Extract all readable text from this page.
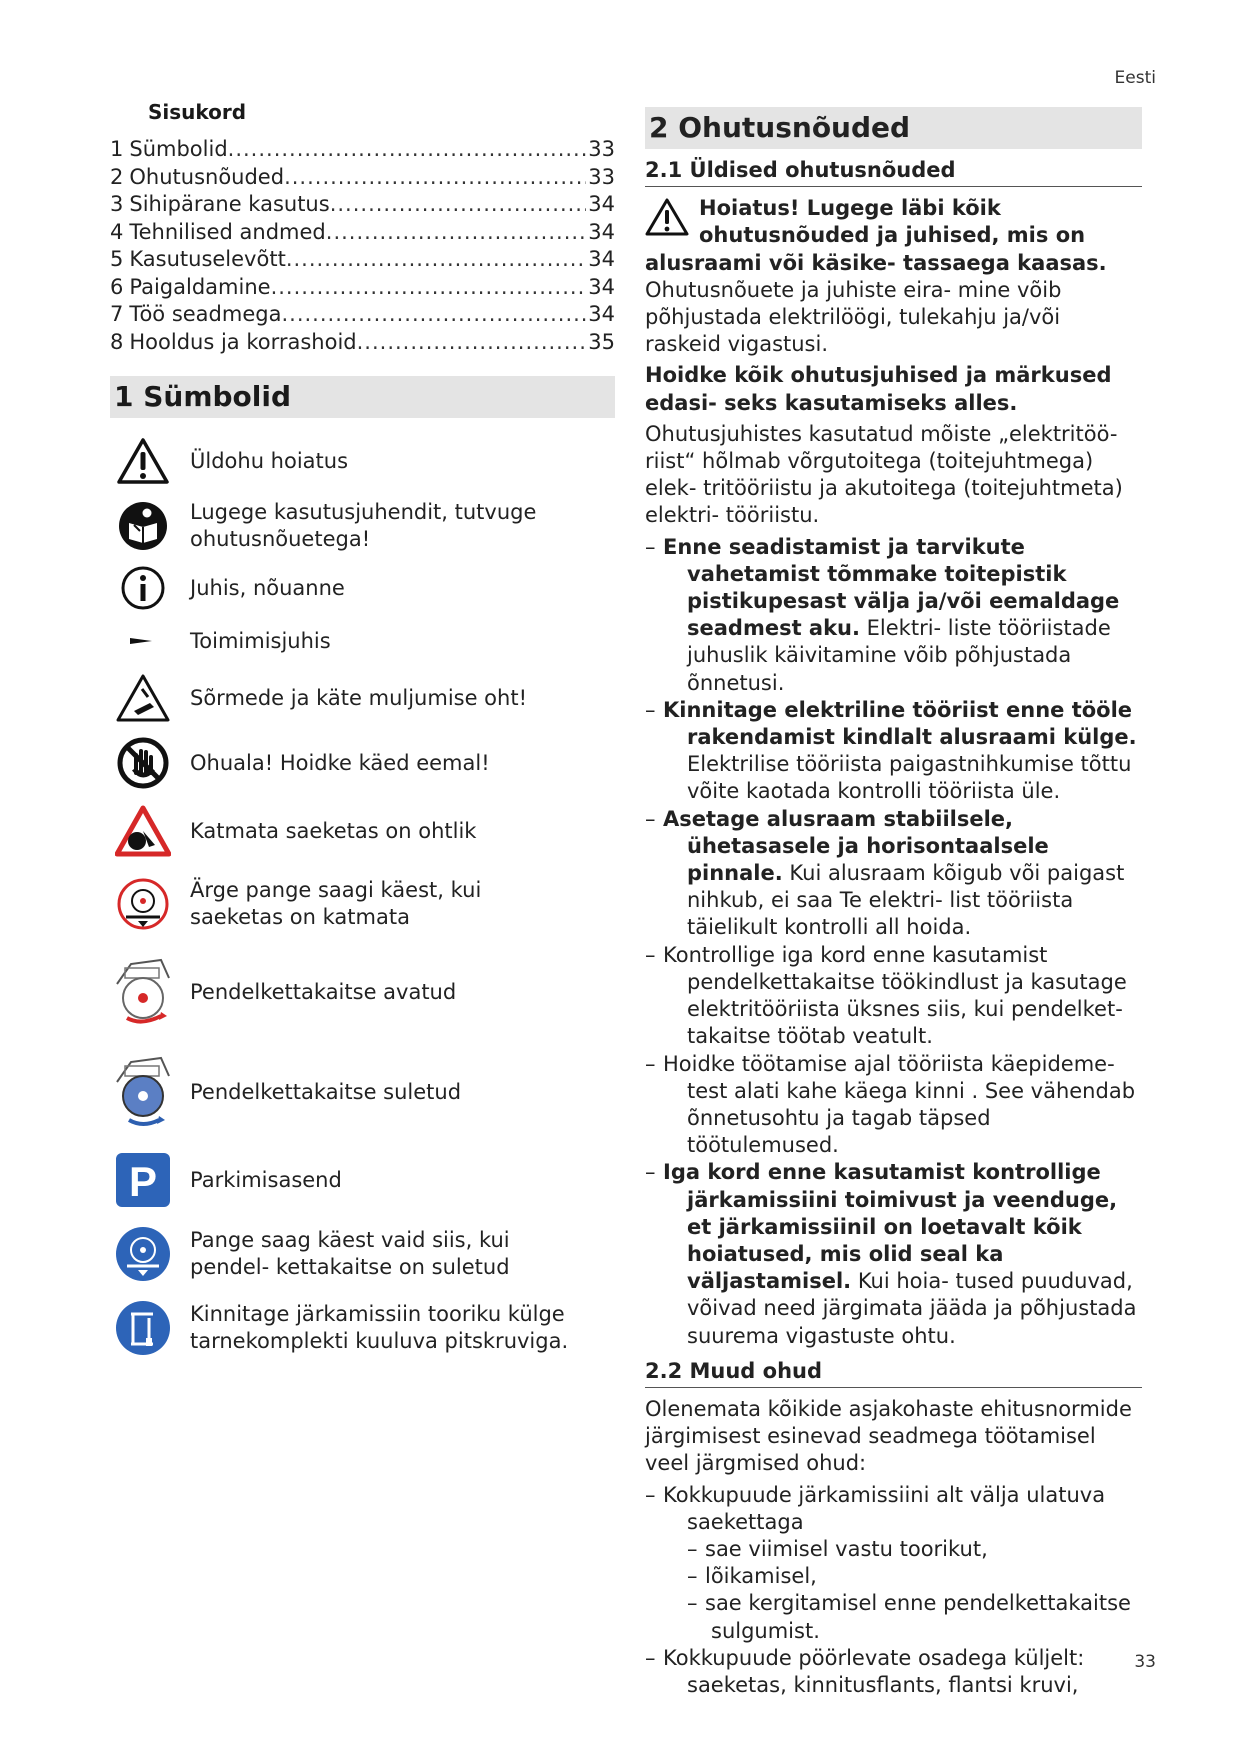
Eesti
Sisukord
1 Sümbolid .....	33
2 Ohutusnõuded .....	33
3 Sihipärane kasutus .....	34
4 Tehnilised andmed .....	34
5 Kasutuselevõtt .....	34
6 Paigaldamine .....	34
7 Töö seadmega .....	34
8 Hooldus ja korrashoid .....	35
1 Sümbolid
Üldohu hoiatus
Lugege kasutusjuhendit, tutvuge ohutusnõuetega!
Juhis, nõuanne
Toimimisjuhis
Sõrmede ja käte muljumise oht!
Ohuala! Hoidke käed eemal!
Katmata saeketas on ohtlik
Ärge pange saagi käest, kui saeketas on katmata
Pendelkettakaitse avatud
Pendelkettakaitse suletud
P Parkimisasend
Pange saag käest vaid siis, kui pendel- kettakaitse on suletud
Kinnitage järkamissiin tooriku külge tarnekomplekti kuuluva pitskruviga.
2 Ohutusnõuded
2.1 Üldised ohutusnõuded

Hoiatus! Lugege läbi kõik ohutusnõuded ja juhised, mis on alusraami või käsike- tassaega kaasas. Ohutusnõuete ja juhiste eira- mine võib põhjustada elektrilöögi, tulekahju ja/või raskeid vigastusi.

Hoidke kõik ohutusjuhised ja märkused edasi- seks kasutamiseks alles.

Ohutusjuhistes kasutatud mõiste „elektritöö- riist“ hõlmab võrgutoitega (toitejuhtmega) elek- tritööriistu ja akutoitega (toitejuhtmeta) elektri- tööriistu.

– Enne seadistamist ja tarvikute vahetamist tõmmake toitepistik pistikupesast välja ja/või eemaldage seadmest aku. Elektri- liste tööriistade juhuslik käivitamine võib põhjustada õnnetusi.

– Kinnitage elektriline tööriist enne tööle rakendamist kindlalt alusraami külge. Elektrilise tööriista paigastnihkumise tõttu võite kaotada kontrolli tööriista üle.

– Asetage alusraam stabiilsele, ühetasasele ja horisontaalsele pinnale. Kui alusraam kõigub või paigast nihkub, ei saa Te elektri- list tööriista täielikult kontrolli all hoida.

– Kontrollige iga kord enne kasutamist pendelkettakaitse töökindlust ja kasutage elektritööriista üksnes siis, kui pendelket- takaitse töötab veatult.

– Hoidke töötamise ajal tööriista käepideme- test alati kahe käega kinni . See vähendab õnnetusohtu ja tagab täpsed töötulemused.

– Iga kord enne kasutamist kontrollige järkamissiini toimivust ja veenduge, et järkamissiinil on loetavalt kõik hoiatused, mis olid seal ka väljastamisel. Kui hoia- tused puuduvad, võivad need järgimata jääda ja põhjustada suurema vigastuste ohtu.

2.2 Muud ohud

Olenemata kõikide asjakohaste ehitusnormide järgimisest esinevad seadmega töötamisel veel järgmised ohud:

– Kokkupuude järkamissiini alt välja ulatuva saekettaga

– sae viimisel vastu toorikut,

– lõikamisel,

– sae kergitamisel enne pendelkettakaitse sulgumist.

– Kokkupuude pöörlevate osadega küljelt: saeketas, kinnitusflants, flantsi kruvi,

33
